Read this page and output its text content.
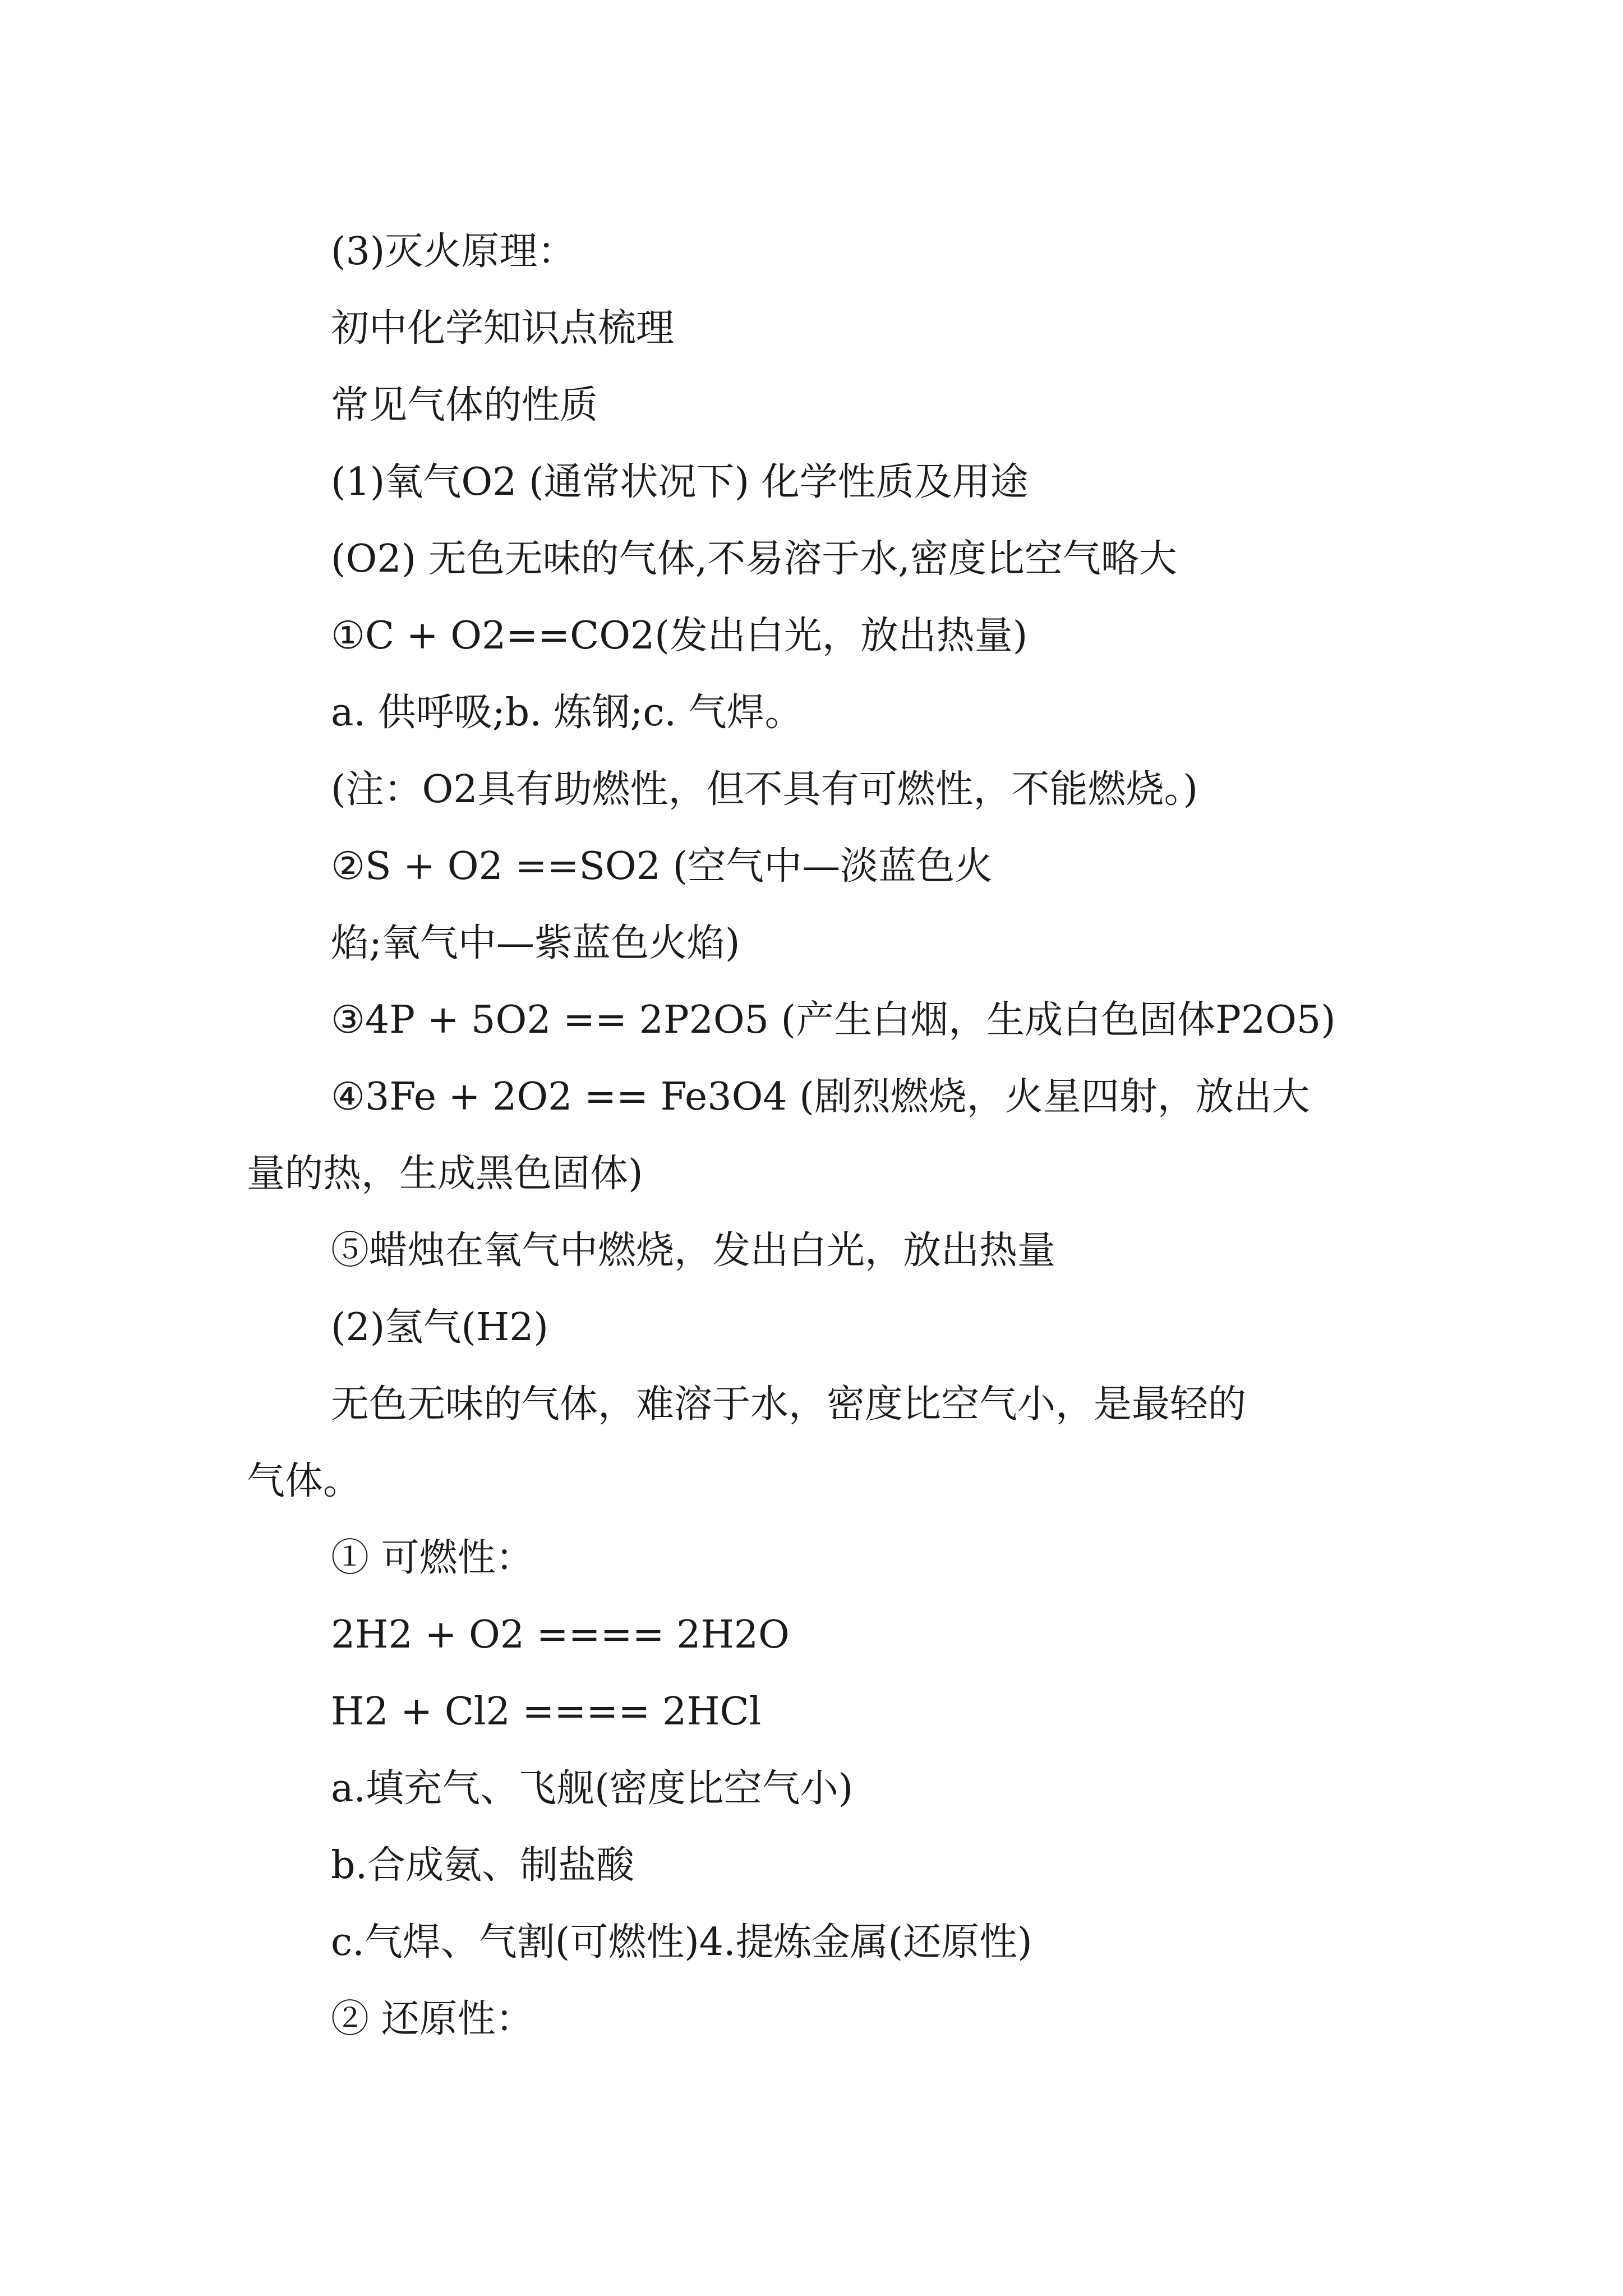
(3)灭火原理：
初中化学知识点梳理
常见气体的性质
(1)氧气O2 (通常状况下) 化学性质及用途
(O2) 无色无味的气体,不易溶于水,密度比空气略大
①C + O2==CO2(发出白光，放出热量)
a. 供呼吸;b. 炼钢;c. 气焊。
(注：O2具有助燃性，但不具有可燃性，不能燃烧。)
②S + O2 ==SO2 (空气中—淡蓝色火
焰;氧气中—紫蓝色火焰)
③4P + 5O2 == 2P2O5 (产生白烟，生成白色固体P2O5)
④3Fe + 2O2 == Fe3O4 (剧烈燃烧，火星四射，放出大
量的热，生成黑色固体)
⑤蜡烛在氧气中燃烧，发出白光，放出热量
(2)氢气(H2)
无色无味的气体，难溶于水，密度比空气小，是最轻的
气体。
① 可燃性：
2H2 + O2 ==== 2H2O
H2 + Cl2 ==== 2HCl
a.填充气、飞舰(密度比空气小)
b.合成氨、制盐酸
c.气焊、气割(可燃性)4.提炼金属(还原性)
② 还原性：
